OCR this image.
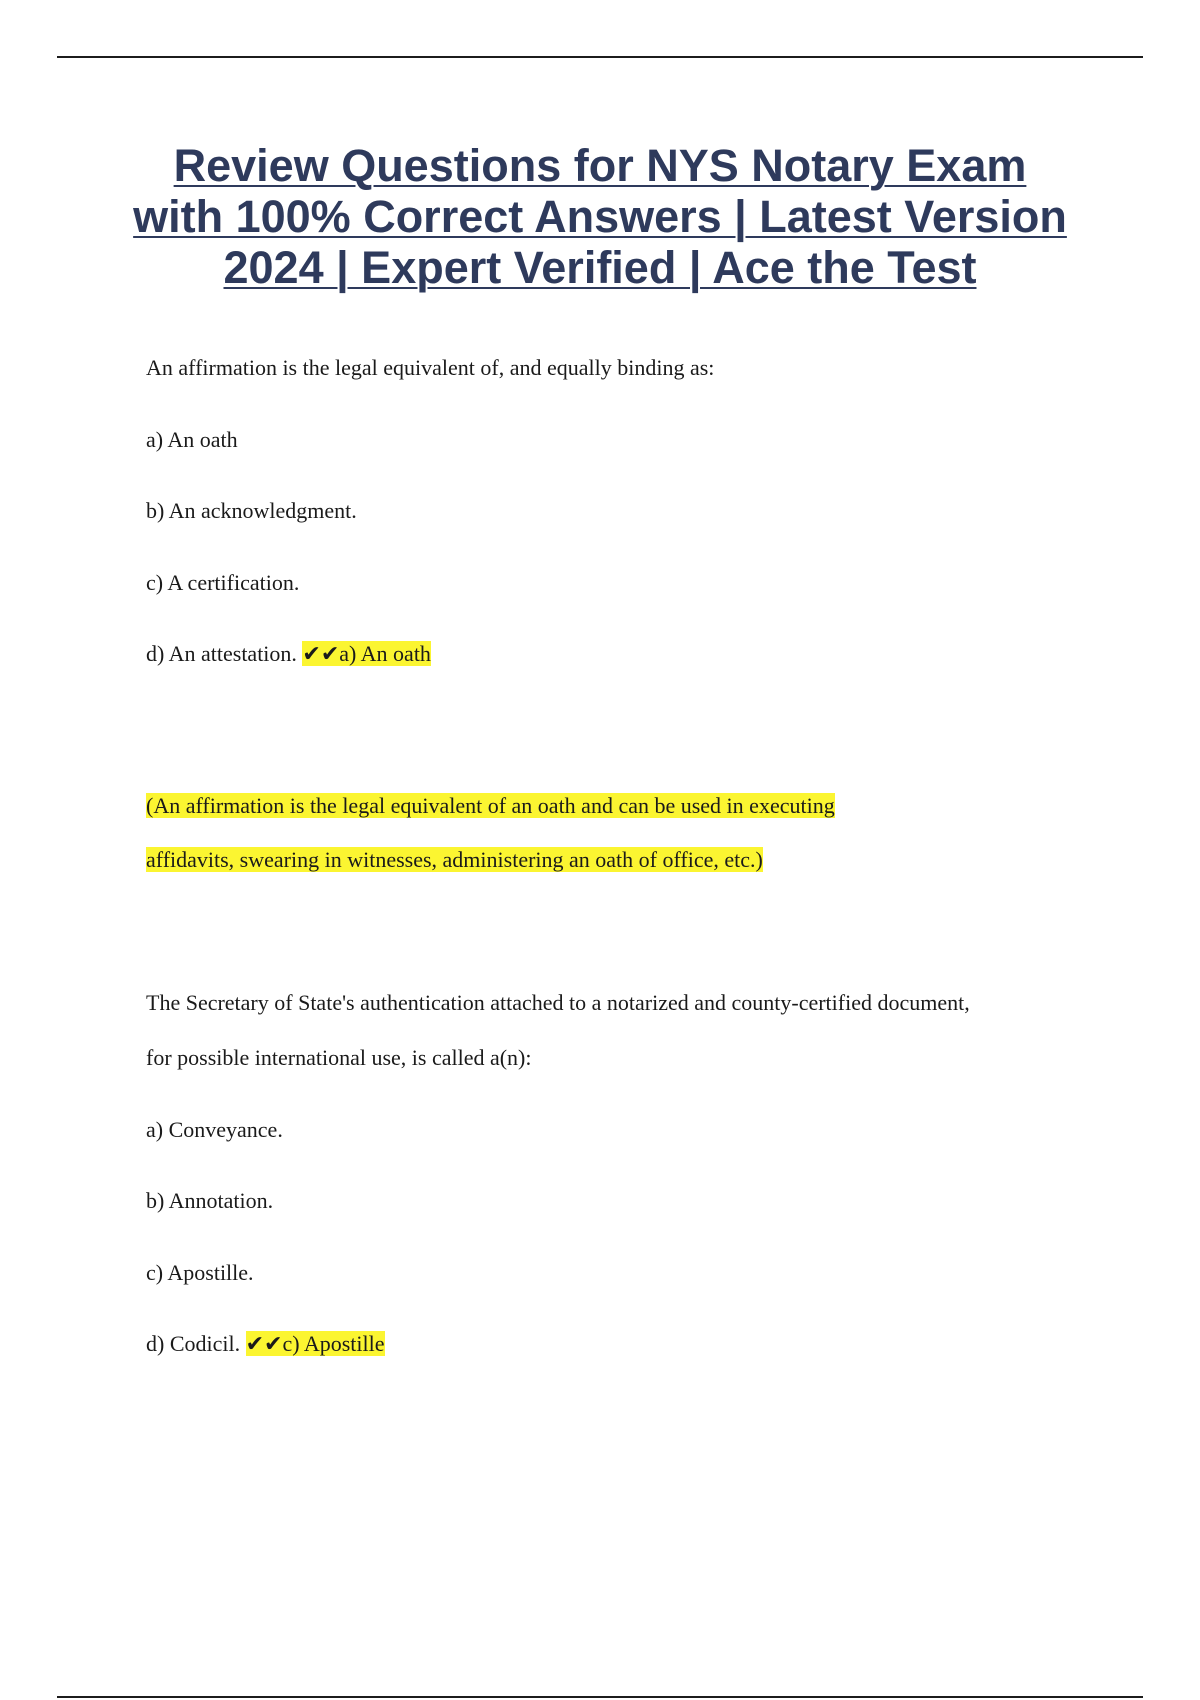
Review Questions for NYS Notary Exam
with 100% Correct Answers | Latest Version
2024 | Expert Verified | Ace the Test

An affirmation is the legal equivalent of, and equally binding as:

a) An oath

b) An acknowledgment.

c) A certification.

d) An attestation. ✔✔a) An oath

(An affirmation is the legal equivalent of an oath and can be used in executing

affidavits, swearing in witnesses, administering an oath of office, etc.)

The Secretary of State's authentication attached to a notarized and county-certified document,

for possible international use, is called a(n):

a) Conveyance.

b) Annotation.

c) Apostille.

d) Codicil. ✔✔c) Apostille
